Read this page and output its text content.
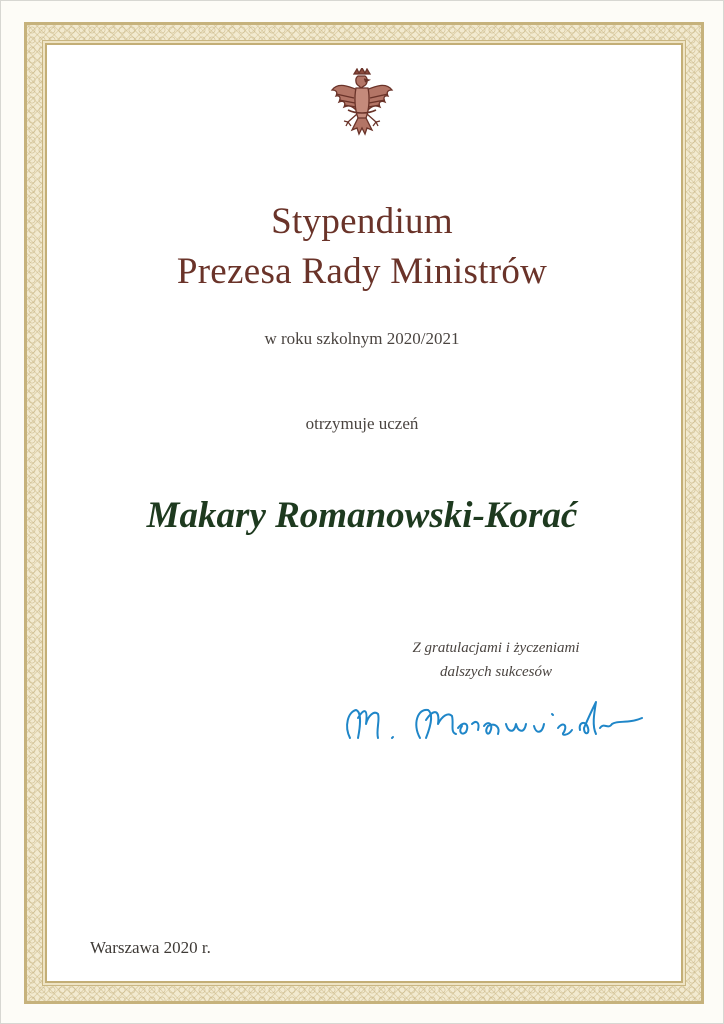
Stypendium
Prezesa Rady Ministrów
w roku szkolnym 2020/2021
otrzymuje uczeń
Makary Romanowski-Korać
Z gratulacjami i życzeniami
dalszych sukcesów
Warszawa 2020 r.
